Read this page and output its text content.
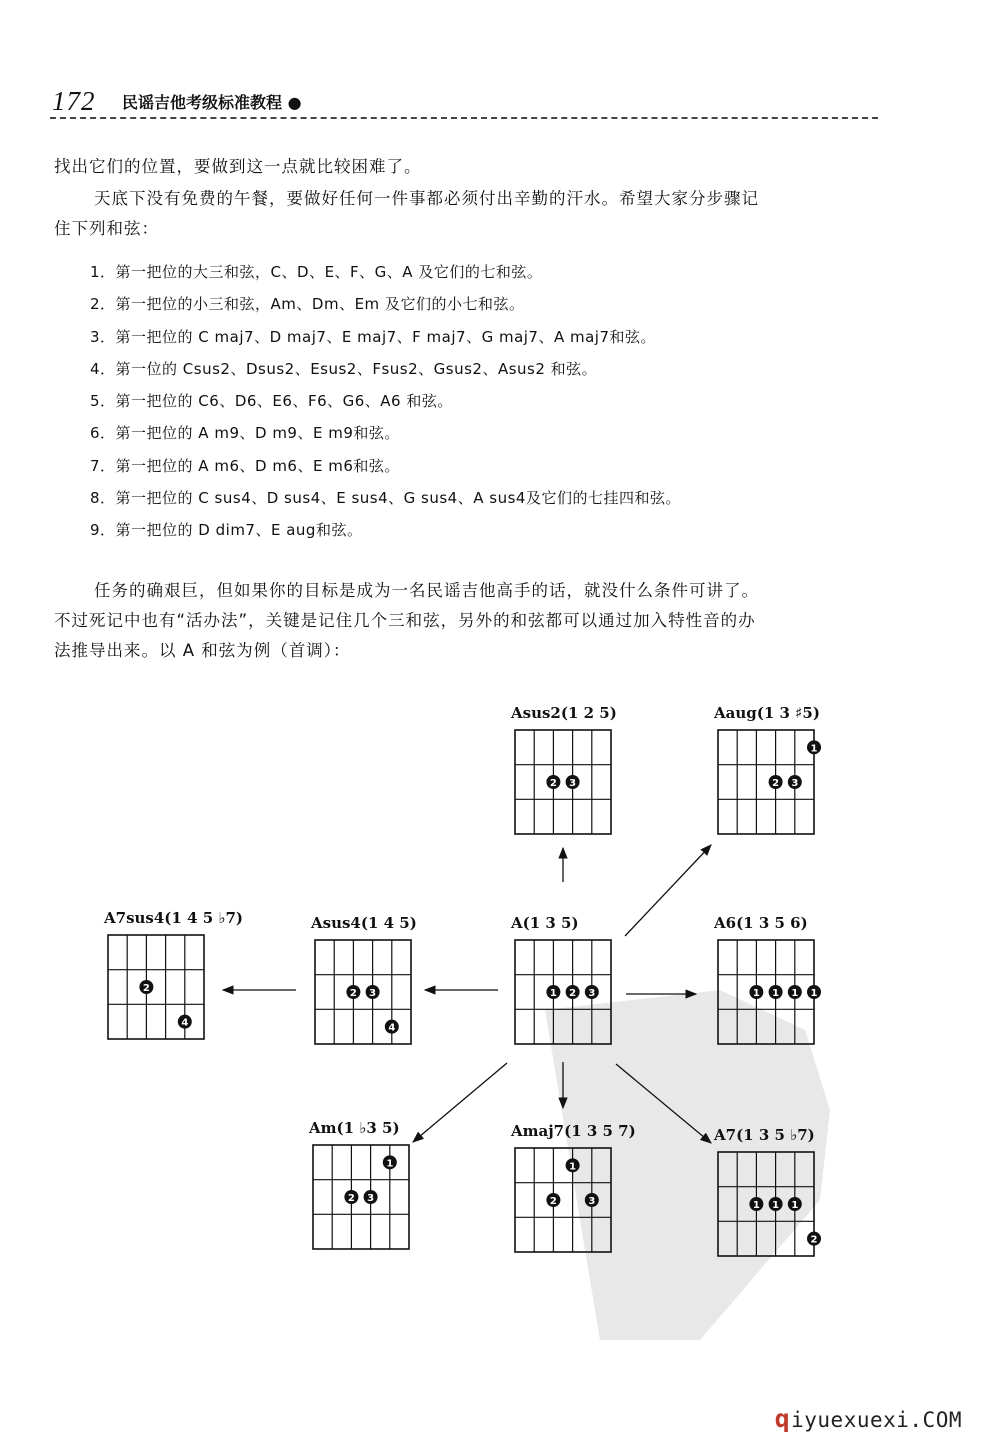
172 民谣吉他考级标准教程 ●
找出它们的位置，要做到这一点就比较困难了。
天底下没有免费的午餐，要做好任何一件事都必须付出辛勤的汗水。希望大家分步骤记
住下列和弦：
1．第一把位的大三和弦，C、D、E、F、G、A 及它们的七和弦。
2．第一把位的小三和弦，Am、Dm、Em 及它们的小七和弦。
3．第一把位的 C maj7、D maj7、E maj7、F maj7、G maj7、A maj7和弦。
4．第一位的 Csus2、Dsus2、Esus2、Fsus2、Gsus2、Asus2 和弦。
5．第一把位的 C6、D6、E6、F6、G6、A6 和弦。
6．第一把位的 A m9、D m9、E m9和弦。
7．第一把位的 A m6、D m6、E m6和弦。
8．第一把位的 C sus4、D sus4、E sus4、G sus4、A sus4及它们的七挂四和弦。
9．第一把位的 D dim7、E aug和弦。
任务的确艰巨，但如果你的目标是成为一名民谣吉他高手的话，就没什么条件可讲了。
不过死记中也有“活办法”，关键是记住几个三和弦，另外的和弦都可以通过加入特性音的办
法推导出来。以 A 和弦为例（首调）：
A(1 3 5)
1 2 3
Asus2(1 2 5)
2 3
Aaug(1 3 ♯5)
1
2 3
A6(1 3 5 6)
1 1 1 1
Asus4(1 4 5)
2 3
4
A7sus4(1 4 5 ♭7)
2
4
Am(1 ♭3 5)
1
2 3
Amaj7(1 3 5 7)
1
2	3
A7(1 3 5 ♭7)
1 1 1
2
qiyuexuexi.COM
